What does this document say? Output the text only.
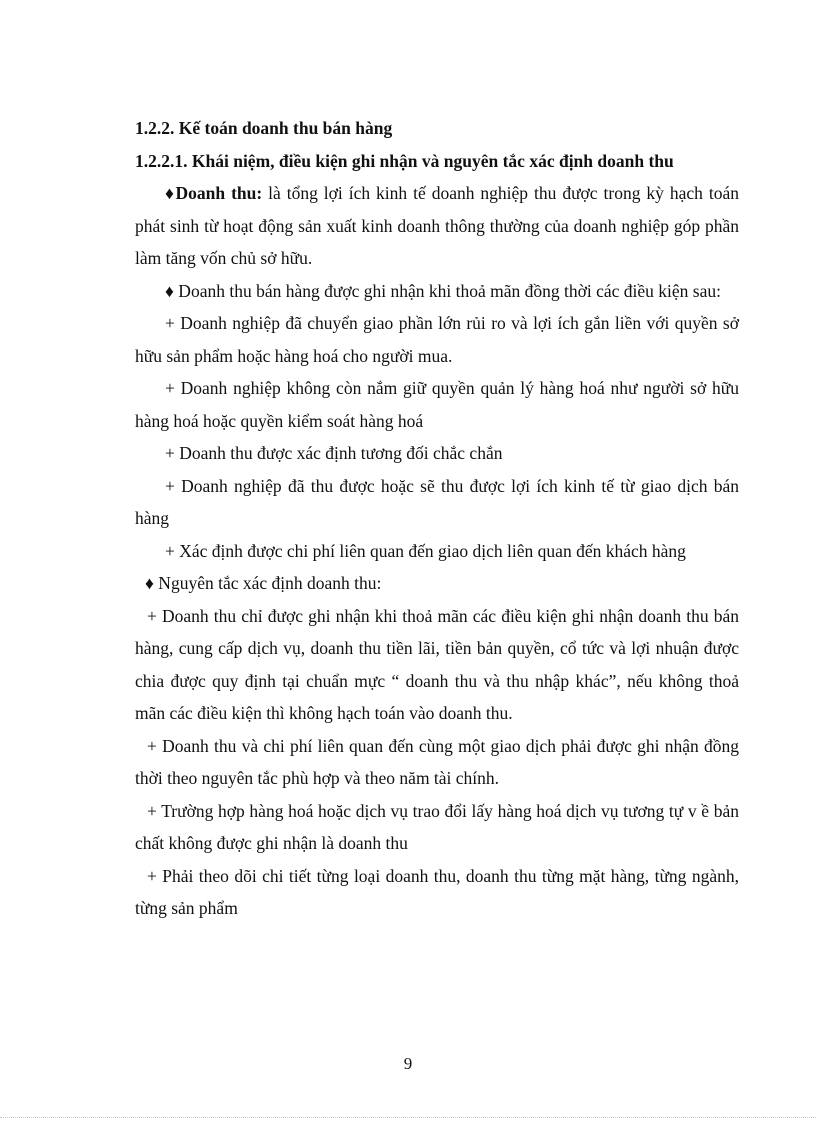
1.2.2. Kế toán doanh thu bán hàng

1.2.2.1. Khái niệm, điều kiện ghi nhận và nguyên tắc xác định doanh thu

♦Doanh thu: là tổng lợi ích kinh tế doanh nghiệp thu được trong kỳ hạch toán phát sinh từ hoạt động sản xuất kinh doanh thông thường của doanh nghiệp góp phần làm tăng vốn chủ sở hữu.

♦ Doanh thu bán hàng được ghi nhận khi thoả mãn đồng thời các điều kiện sau:

+ Doanh nghiệp đã chuyển giao phần lớn rủi ro và lợi ích gắn liền với quyền sở hữu sản phẩm hoặc hàng hoá cho người mua.

+ Doanh nghiệp không còn nắm giữ quyền quản lý hàng hoá như người sở hữu hàng hoá hoặc quyền kiểm soát hàng hoá

+ Doanh thu được xác định tương đối chắc chắn

+ Doanh nghiệp đã thu được hoặc sẽ thu được lợi ích kinh tế từ giao dịch bán hàng

+ Xác định được chi phí liên quan đến giao dịch liên quan đến khách hàng

♦ Nguyên tắc xác định doanh thu:

+ Doanh thu chỉ được ghi nhận khi thoả mãn các điều kiện ghi nhận doanh thu bán hàng, cung cấp dịch vụ, doanh thu tiền lãi, tiền bản quyền, cổ tức và lợi nhuận được chia được quy định tại chuẩn mực “ doanh thu và thu nhập khác”, nếu không thoả mãn các điều kiện thì không hạch toán vào doanh thu.

+ Doanh thu và chi phí liên quan đến cùng một giao dịch phải được ghi nhận đồng thời theo nguyên tắc phù hợp và theo năm tài chính.

+ Trường hợp hàng hoá hoặc dịch vụ trao đổi lấy hàng hoá dịch vụ tương tự v ề bản chất không được ghi nhận là doanh thu

+ Phải theo dõi chi tiết từng loại doanh thu, doanh thu từng mặt hàng, từng ngành, từng sản phẩm

9
